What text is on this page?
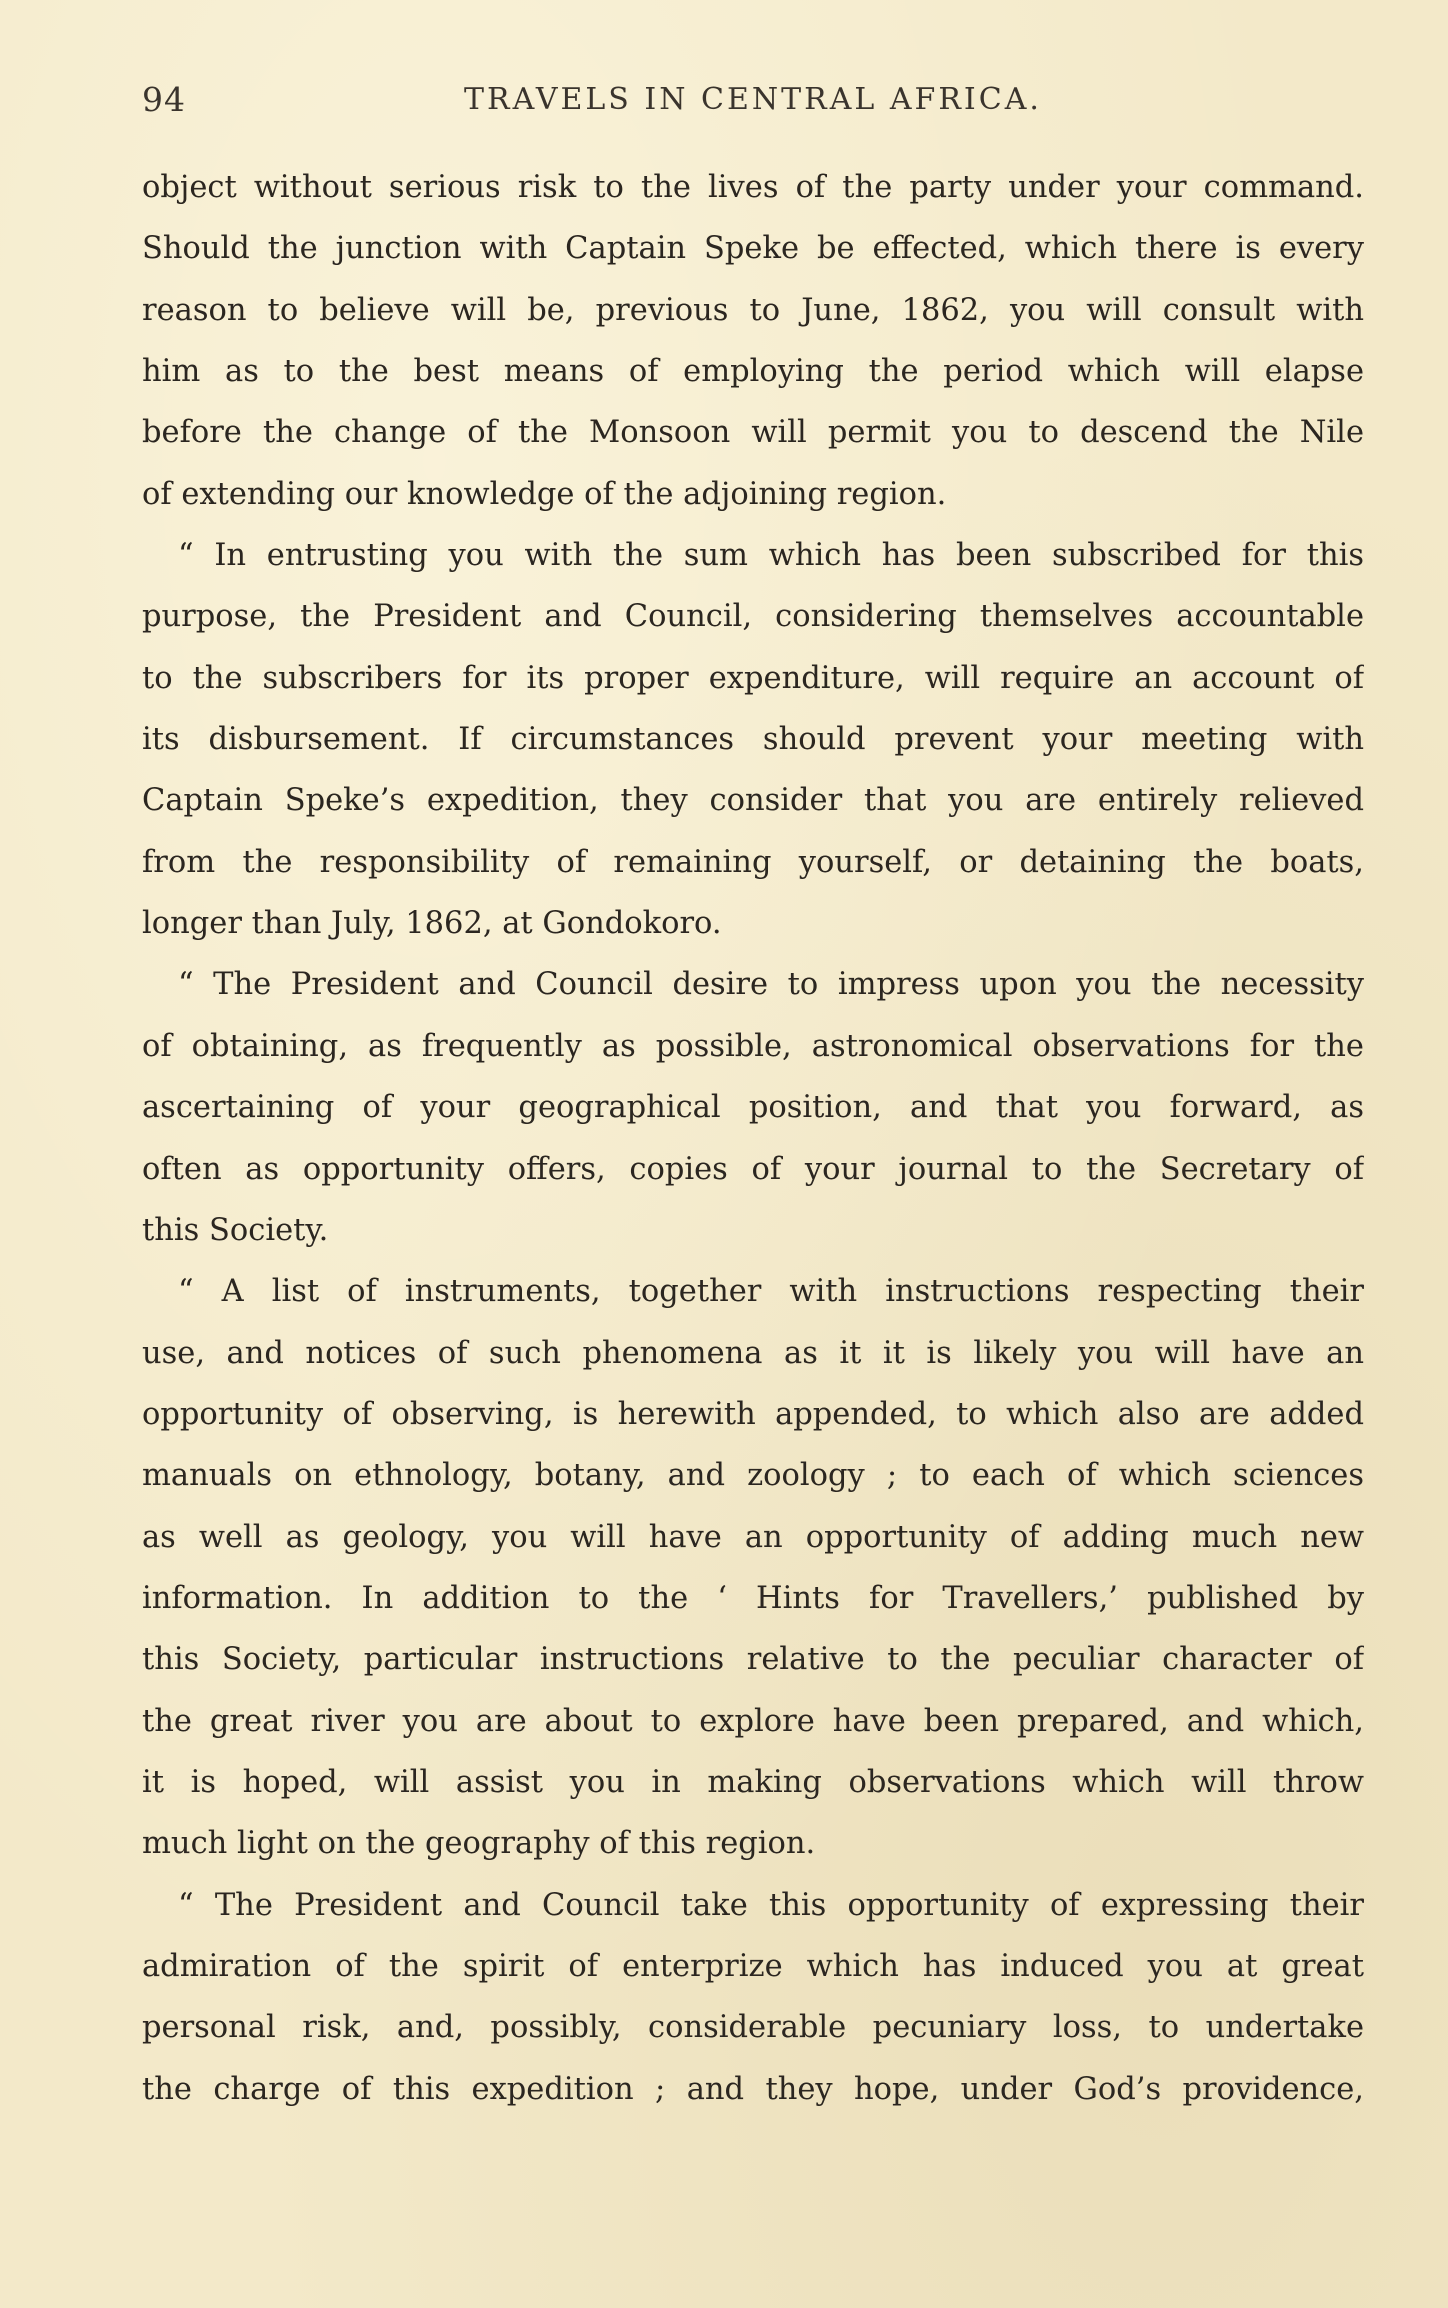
94	TRAVELS IN CENTRAL AFRICA.
object without serious risk to the lives of the party under your command.
Should the junction with Captain Speke be effected, which there is every
reason to believe will be, previous to June, 1862, you will consult with
him as to the best means of employing the period which will elapse
before the change of the Monsoon will permit you to descend the Nile
of extending our knowledge of the adjoining region.
“ In entrusting you with the sum which has been subscribed for this
purpose, the President and Council, considering themselves accountable
to the subscribers for its proper expenditure, will require an account of
its disbursement. If circumstances should prevent your meeting with
Captain Speke’s expedition, they consider that you are entirely relieved
from the responsibility of remaining yourself, or detaining the boats,
longer than July, 1862, at Gondokoro.
“ The President and Council desire to impress upon you the necessity
of obtaining, as frequently as possible, astronomical observations for the
ascertaining of your geographical position, and that you forward, as
often as opportunity offers, copies of your journal to the Secretary of
this Society.
“ A list of instruments, together with instructions respecting their
use, and notices of such phenomena as it it is likely you will have an
opportunity of observing, is herewith appended, to which also are added
manuals on ethnology, botany, and zoology ; to each of which sciences
as well as geology, you will have an opportunity of adding much new
information. In addition to the ‘ Hints for Travellers,’ published by
this Society, particular instructions relative to the peculiar character of
the great river you are about to explore have been prepared, and which,
it is hoped, will assist you in making observations which will throw
much light on the geography of this region.
“ The President and Council take this opportunity of expressing their
admiration of the spirit of enterprize which has induced you at great
personal risk, and, possibly, considerable pecuniary loss, to undertake
the charge of this expedition ; and they hope, under God’s providence,
